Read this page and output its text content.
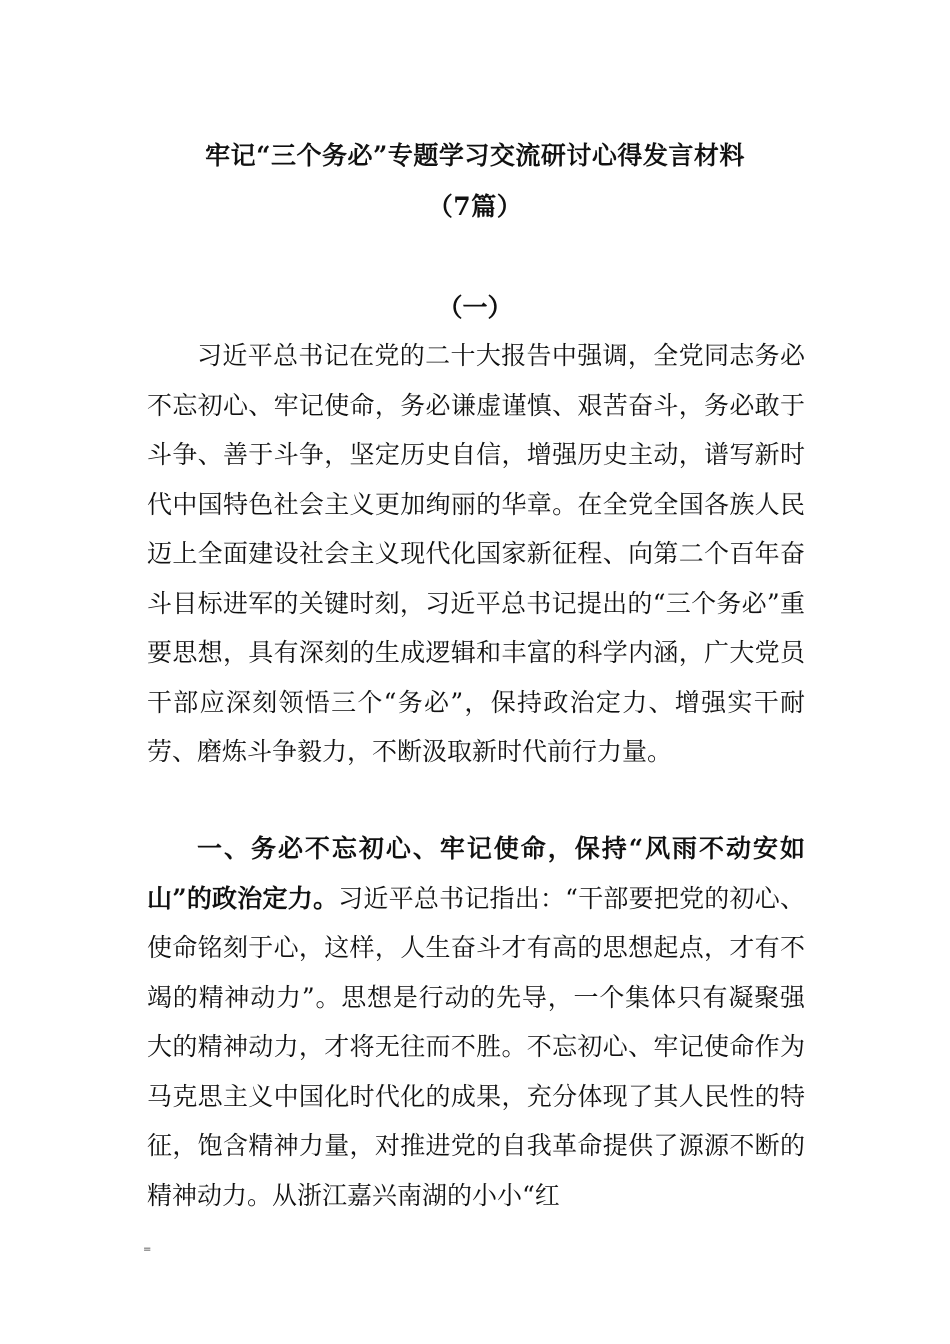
牢记“三个务必”专题学习交流研讨心得发言材料
（7篇）
（一）

习近平总书记在党的二十大报告中强调，全党同志务必不忘初心、牢记使命，务必谦虚谨慎、艰苦奋斗，务必敢于斗争、善于斗争，坚定历史自信，增强历史主动，谱写新时代中国特色社会主义更加绚丽的华章。在全党全国各族人民迈上全面建设社会主义现代化国家新征程、向第二个百年奋斗目标进军的关键时刻，习近平总书记提出的“三个务必”重要思想，具有深刻的生成逻辑和丰富的科学内涵，广大党员干部应深刻领悟三个“务必”，保持政治定力、增强实干耐劳、磨炼斗争毅力，不断汲取新时代前行力量。

一、务必不忘初心、牢记使命，保持“风雨不动安如山”的政治定力。习近平总书记指出：“干部要把党的初心、使命铭刻于心，这样，人生奋斗才有高的思想起点，才有不竭的精神动力”。思想是行动的先导，一个集体只有凝聚强大的精神动力，才将无往而不胜。不忘初心、牢记使命作为马克思主义中国化时代化的成果，充分体现了其人民性的特征，饱含精神力量，对推进党的自我革命提供了源源不断的精神动力。从浙江嘉兴南湖的小小“红

=
